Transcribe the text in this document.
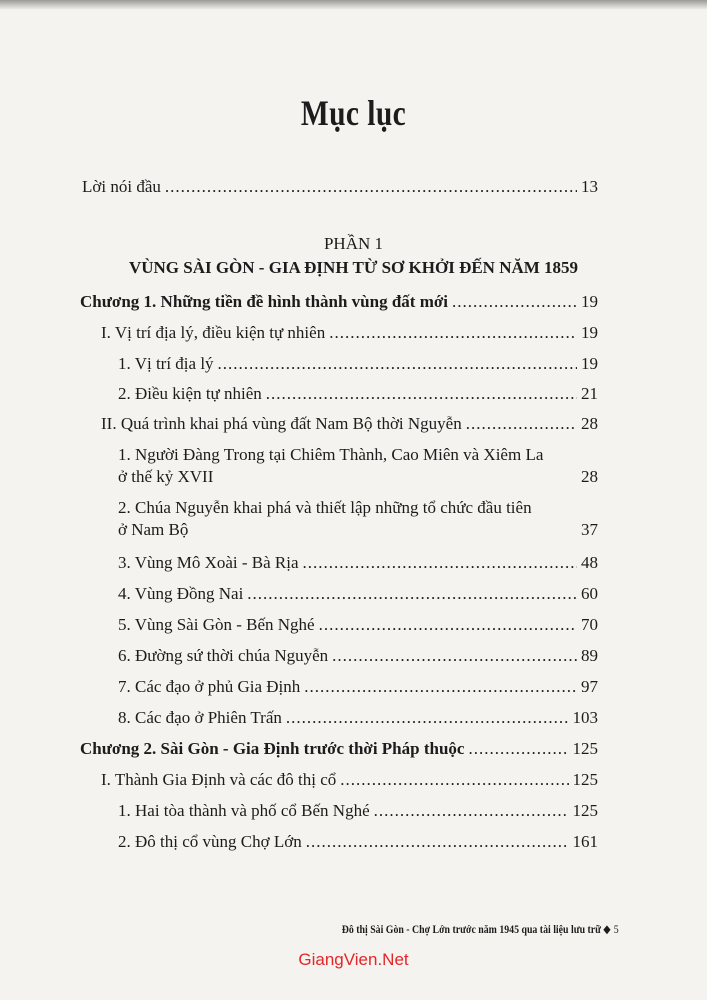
Mục lục
Lời nói đầu .....	13
PHẦN 1
VÙNG SÀI GÒN - GIA ĐỊNH TỪ SƠ KHỞI ĐẾN NĂM 1859
Chương 1. Những tiền đề hình thành vùng đất mới .....	19
I. Vị trí địa lý, điều kiện tự nhiên .....	19
1. Vị trí địa lý .....	19
2. Điều kiện tự nhiên .....	21
II. Quá trình khai phá vùng đất Nam Bộ thời Nguyễn .....	28
1. Người Đàng Trong tại Chiêm Thành, Cao Miên và Xiêm La
ở thế kỷ XVII	28
2. Chúa Nguyễn khai phá và thiết lập những tổ chức đầu tiên
ở Nam Bộ	37
3. Vùng Mô Xoài - Bà Rịa .....	48
4. Vùng Đồng Nai .....	60
5. Vùng Sài Gòn - Bến Nghé .....	70
6. Đường sứ thời chúa Nguyễn .....	89
7. Các đạo ở phủ Gia Định .....	97
8. Các đạo ở Phiên Trấn .....	103
Chương 2. Sài Gòn - Gia Định trước thời Pháp thuộc .....	125
I. Thành Gia Định và các đô thị cổ .....	125
1. Hai tòa thành và phố cổ Bến Nghé .....	125
2. Đô thị cổ vùng Chợ Lớn .....	161
Đô thị Sài Gòn - Chợ Lớn trước năm 1945 qua tài liệu lưu trữ ⬥ 5
GiangVien.Net
